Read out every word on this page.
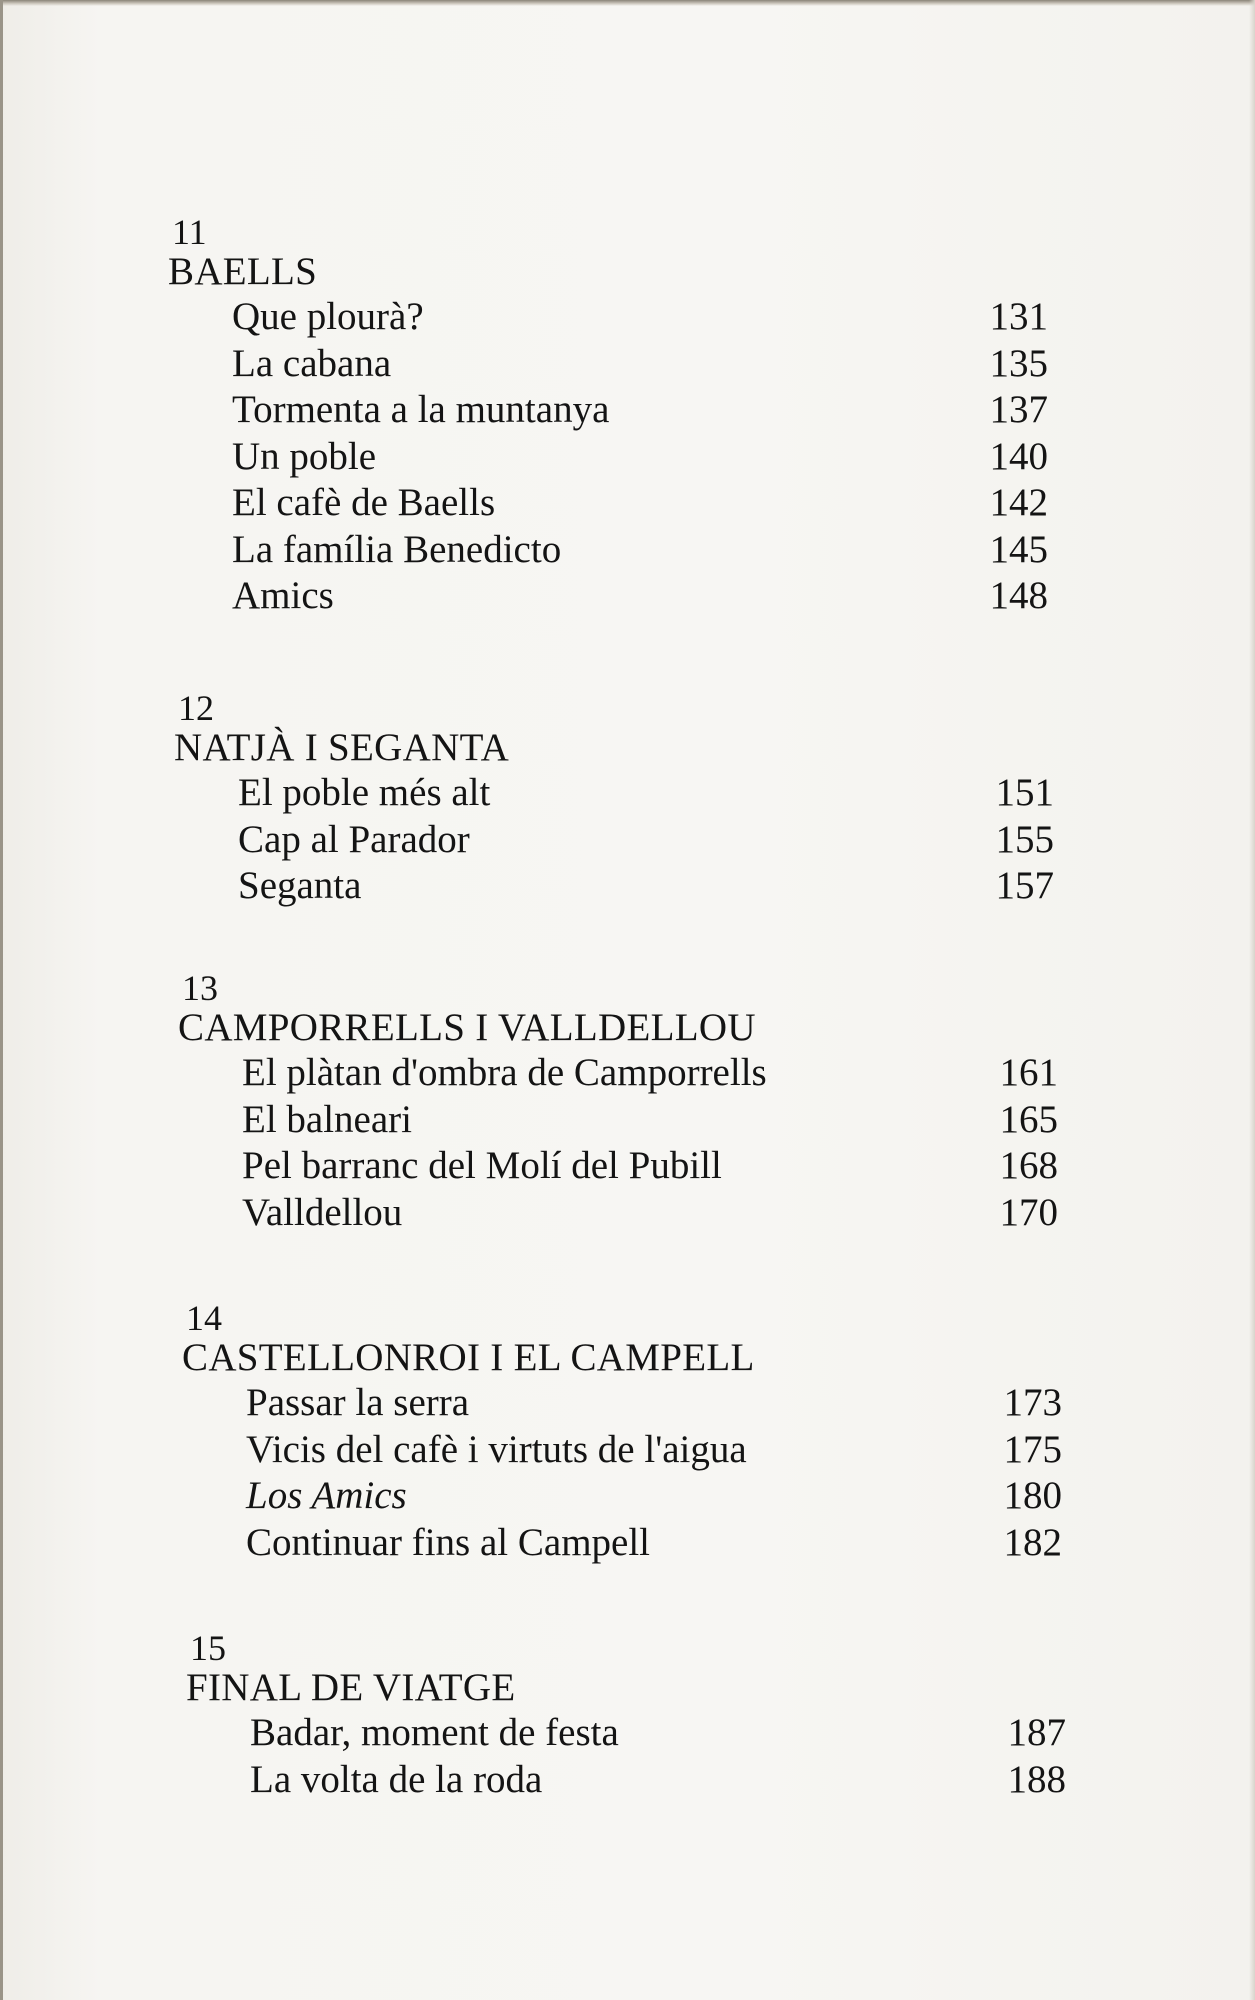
11
BAELLS
Que plourà?	131
La cabana	135
Tormenta a la muntanya	137
Un poble	140
El cafè de Baells	142
La família Benedicto	145
Amics	148
12
NATJÀ I SEGANTA
El poble més alt	151
Cap al Parador	155
Seganta	157
13
CAMPORRELLS I VALLDELLOU
El plàtan d'ombra de Camporrells	161
El balneari	165
Pel barranc del Molí del Pubill	168
Valldellou	170
14
CASTELLONROI I EL CAMPELL
Passar la serra	173
Vicis del cafè i virtuts de l'aigua	175
Los Amics	180
Continuar fins al Campell	182
15
FINAL DE VIATGE
Badar, moment de festa	187
La volta de la roda	188
